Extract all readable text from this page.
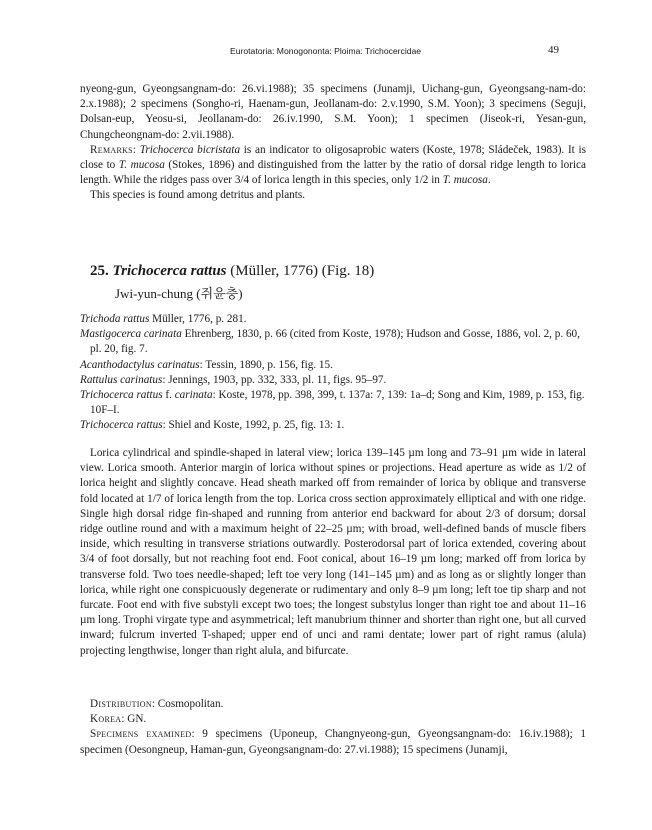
Eurotatoria: Monogononta: Ploima: Trichocercidae	49

nyeong-gun, Gyeongsangnam-do: 26.vi.1988); 35 specimens (Junamji, Uichang-gun, Gyeongsang-nam-do: 2.x.1988); 2 specimens (Songho-ri, Haenam-gun, Jeollanam-do: 2.v.1990, S.M. Yoon); 3 specimens (Seguji, Dolsan-eup, Yeosu-si, Jeollanam-do: 26.iv.1990, S.M. Yoon); 1 specimen (Jiseok-ri, Yesan-gun, Chungcheongnam-do: 2.vii.1988).

Remarks: Trichocerca bicristata is an indicator to oligosaprobic waters (Koste, 1978; Sládeček, 1983). It is close to T. mucosa (Stokes, 1896) and distinguished from the latter by the ratio of dorsal ridge length to lorica length. While the ridges pass over 3/4 of lorica length in this species, only 1/2 in T. mucosa.

This species is found among detritus and plants.

25. Trichocerca rattus (Müller, 1776) (Fig. 18)
Jwi-yun-chung (쥐윤충)

Trichoda rattus Müller, 1776, p. 281.

Mastigocerca carinata Ehrenberg, 1830, p. 66 (cited from Koste, 1978); Hudson and Gosse, 1886, vol. 2, p. 60, pl. 20, fig. 7.

Acanthodactylus carinatus: Tessin, 1890, p. 156, fig. 15.

Rattulus carinatus: Jennings, 1903, pp. 332, 333, pl. 11, figs. 95–97.

Trichocerca rattus f. carinata: Koste, 1978, pp. 398, 399, t. 137a: 7, 139: 1a–d; Song and Kim, 1989, p. 153, fig. 10F–I.

Trichocerca rattus: Shiel and Koste, 1992, p. 25, fig. 13: 1.

Lorica cylindrical and spindle-shaped in lateral view; lorica 139–145 µm long and 73–91 µm wide in lateral view. Lorica smooth. Anterior margin of lorica without spines or projections. Head aperture as wide as 1/2 of lorica height and slightly concave. Head sheath marked off from remainder of lorica by oblique and transverse fold located at 1/7 of lorica length from the top. Lorica cross section approximately elliptical and with one ridge. Single high dorsal ridge fin-shaped and running from anterior end backward for about 2/3 of dorsum; dorsal ridge outline round and with a maximum height of 22–25 µm; with broad, well-defined bands of muscle fibers inside, which resulting in transverse striations outwardly. Posterodorsal part of lorica extended, covering about 3/4 of foot dorsally, but not reaching foot end. Foot conical, about 16–19 µm long; marked off from lorica by transverse fold. Two toes needle-shaped; left toe very long (141–145 µm) and as long as or slightly longer than lorica, while right one conspicuously degenerate or rudimentary and only 8–9 µm long; left toe tip sharp and not furcate. Foot end with five substyli except two toes; the longest substylus longer than right toe and about 11–16 µm long. Trophi virgate type and asymmetrical; left manubrium thinner and shorter than right one, but all curved inward; fulcrum inverted T-shaped; upper end of unci and rami dentate; lower part of right ramus (alula) projecting lengthwise, longer than right alula, and bifurcate.

Distribution: Cosmopolitan.

Korea: GN.

Specimens examined: 9 specimens (Uponeup, Changnyeong-gun, Gyeongsangnam-do: 16.iv.1988); 1 specimen (Oesongneup, Haman-gun, Gyeongsangnam-do: 27.vi.1988); 15 specimens (Junamji,
